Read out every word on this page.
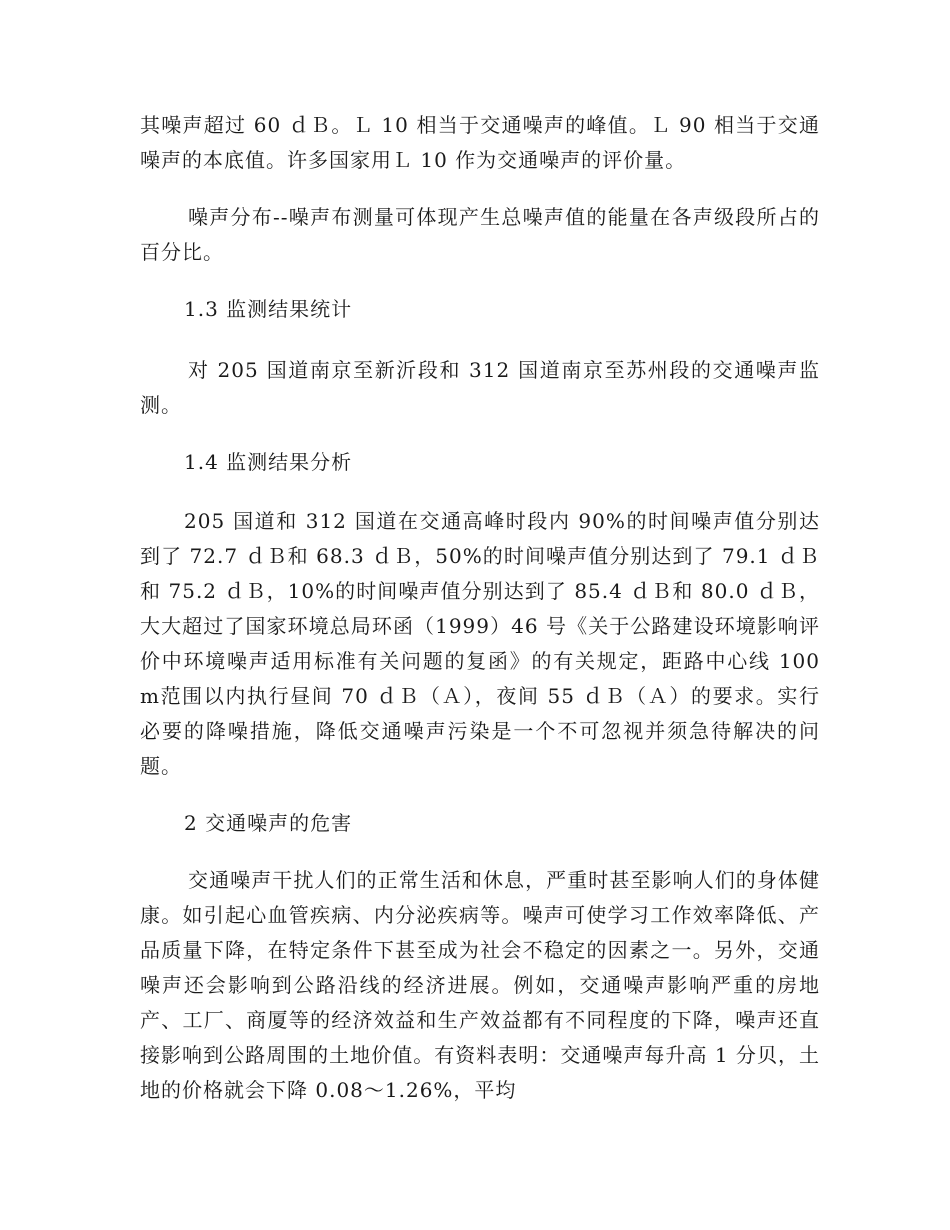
其噪声超过 60 ｄＢ。Ｌ 10 相当于交通噪声的峰值。Ｌ 90 相当于交通噪声的本底值。许多国家用Ｌ 10 作为交通噪声的评价量。

噪声分布--噪声布测量可体现产生总噪声值的能量在各声级段所占的百分比。

1.3 监测结果统计

对 205 国道南京至新沂段和 312 国道南京至苏州段的交通噪声监测。

1.4 监测结果分析

205 国道和 312 国道在交通高峰时段内 90%的时间噪声值分别达到了 72.7 ｄＢ和 68.3 ｄＢ，50%的时间噪声值分别达到了 79.1 ｄＢ和 75.2 ｄＢ，10%的时间噪声值分别达到了 85.4 ｄＢ和 80.0 ｄＢ，大大超过了国家环境总局环函（1999）46 号《关于公路建设环境影响评价中环境噪声适用标准有关问题的复函》的有关规定，距路中心线 100 m范围以内执行昼间 70 ｄＢ（Ａ），夜间 55 ｄＢ（Ａ）的要求。实行必要的降噪措施，降低交通噪声污染是一个不可忽视并须急待解决的问题。

2 交通噪声的危害

交通噪声干扰人们的正常生活和休息，严重时甚至影响人们的身体健康。如引起心血管疾病、内分泌疾病等。噪声可使学习工作效率降低、产品质量下降，在特定条件下甚至成为社会不稳定的因素之一。另外，交通噪声还会影响到公路沿线的经济进展。例如，交通噪声影响严重的房地产、工厂、商厦等的经济效益和生产效益都有不同程度的下降，噪声还直接影响到公路周围的土地价值。有资料表明：交通噪声每升高 1 分贝，土地的价格就会下降 0.08～1.26%，平均
